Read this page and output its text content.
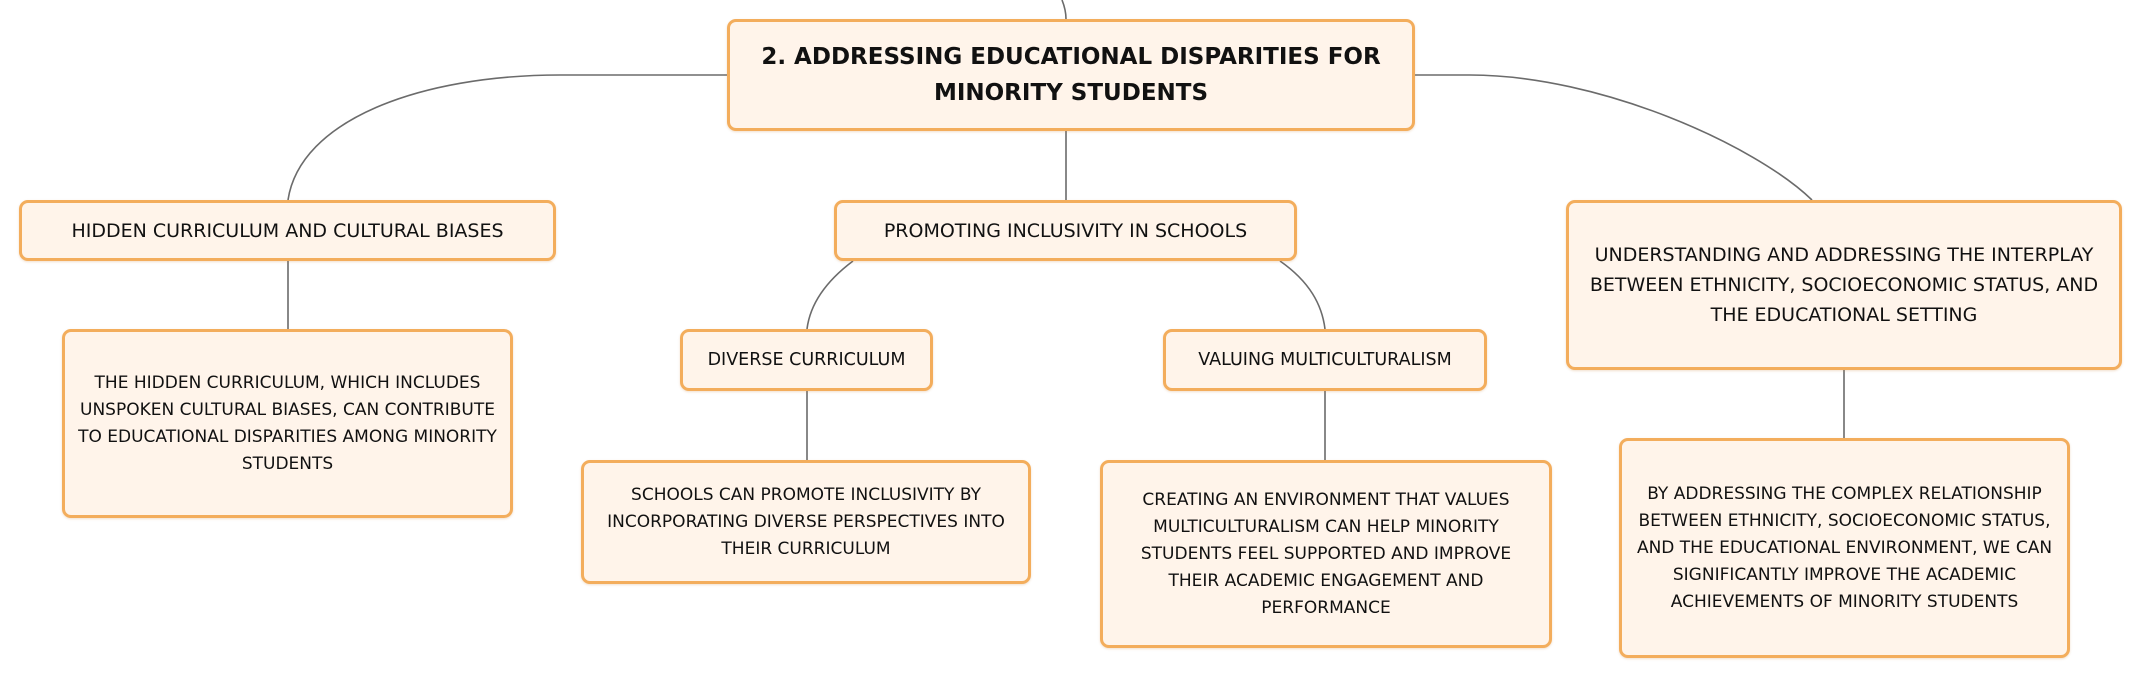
2. ADDRESSING EDUCATIONAL DISPARITIES FOR MINORITY STUDENTS
HIDDEN CURRICULUM AND CULTURAL BIASES	PROMOTING INCLUSIVITY IN SCHOOLS
UNDERSTANDING AND ADDRESSING THE INTERPLAY BETWEEN ETHNICITY, SOCIOECONOMIC STATUS, AND THE EDUCATIONAL SETTING
DIVERSE CURRICULUM	VALUING MULTICULTURALISM
THE HIDDEN CURRICULUM, WHICH INCLUDES UNSPOKEN CULTURAL BIASES, CAN CONTRIBUTE TO EDUCATIONAL DISPARITIES AMONG MINORITY STUDENTS
SCHOOLS CAN PROMOTE INCLUSIVITY BY INCORPORATING DIVERSE PERSPECTIVES INTO THEIR CURRICULUM
CREATING AN ENVIRONMENT THAT VALUES MULTICULTURALISM CAN HELP MINORITY STUDENTS FEEL SUPPORTED AND IMPROVE THEIR ACADEMIC ENGAGEMENT AND PERFORMANCE
BY ADDRESSING THE COMPLEX RELATIONSHIP BETWEEN ETHNICITY, SOCIOECONOMIC STATUS, AND THE EDUCATIONAL ENVIRONMENT, WE CAN SIGNIFICANTLY IMPROVE THE ACADEMIC ACHIEVEMENTS OF MINORITY STUDENTS
